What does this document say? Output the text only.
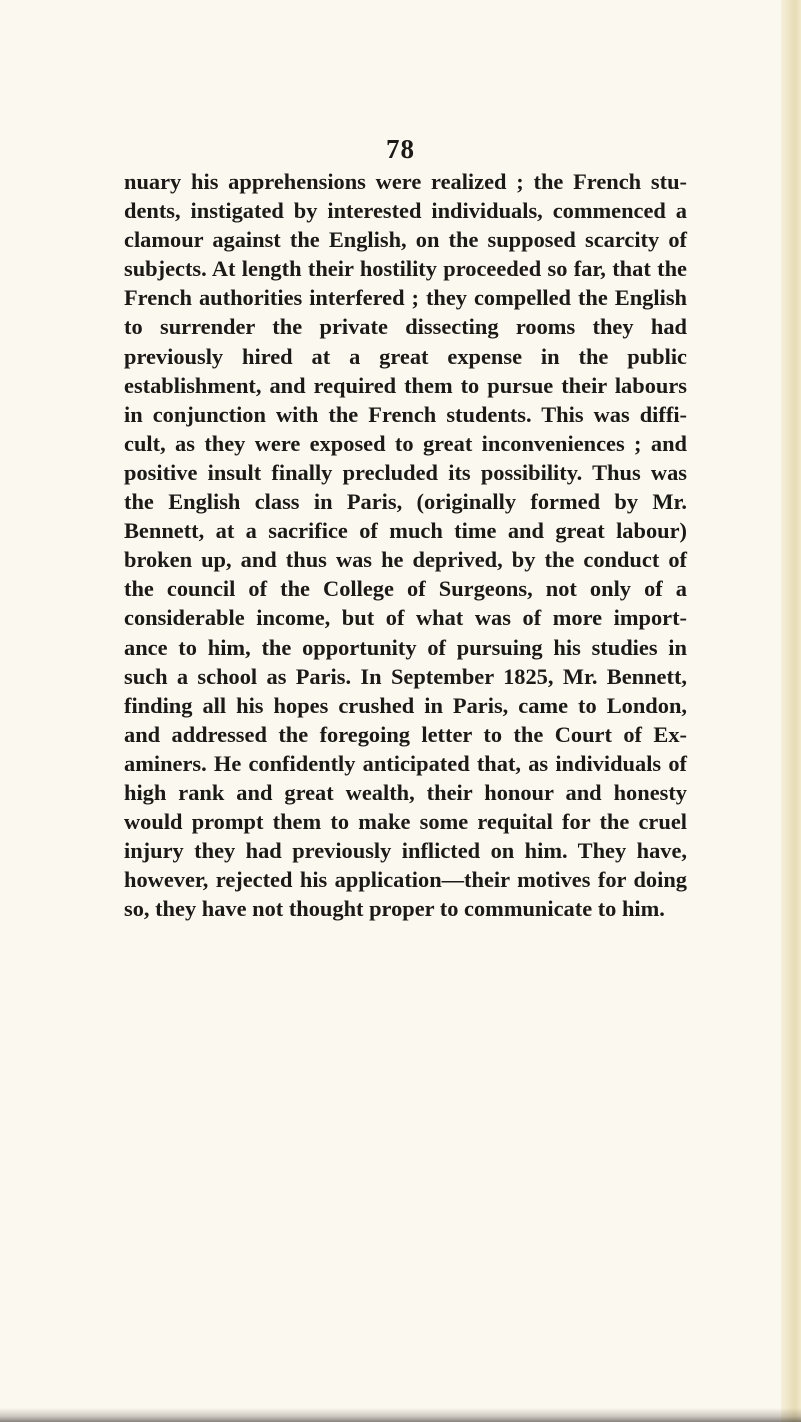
78

nuary his apprehensions were realized ; the French stu- dents, instigated by interested individuals, commenced a clamour against the English, on the supposed scarcity of subjects. At length their hostility proceeded so far, that the French authorities interfered ; they compelled the English to surrender the private dissecting rooms they had previously hired at a great expense in the public establishment, and required them to pursue their labours in conjunction with the French students. This was diffi- cult, as they were exposed to great inconveniences ; and positive insult finally precluded its possibility. Thus was the English class in Paris, (originally formed by Mr. Bennett, at a sacrifice of much time and great labour) broken up, and thus was he deprived, by the conduct of the council of the College of Surgeons, not only of a considerable income, but of what was of more import- ance to him, the opportunity of pursuing his studies in such a school as Paris. In September 1825, Mr. Bennett, finding all his hopes crushed in Paris, came to London, and addressed the foregoing letter to the Court of Ex- aminers. He confidently anticipated that, as individuals of high rank and great wealth, their honour and honesty would prompt them to make some requital for the cruel injury they had previously inflicted on him. They have, however, rejected his application—their motives for doing so, they have not thought proper to communicate to him.
